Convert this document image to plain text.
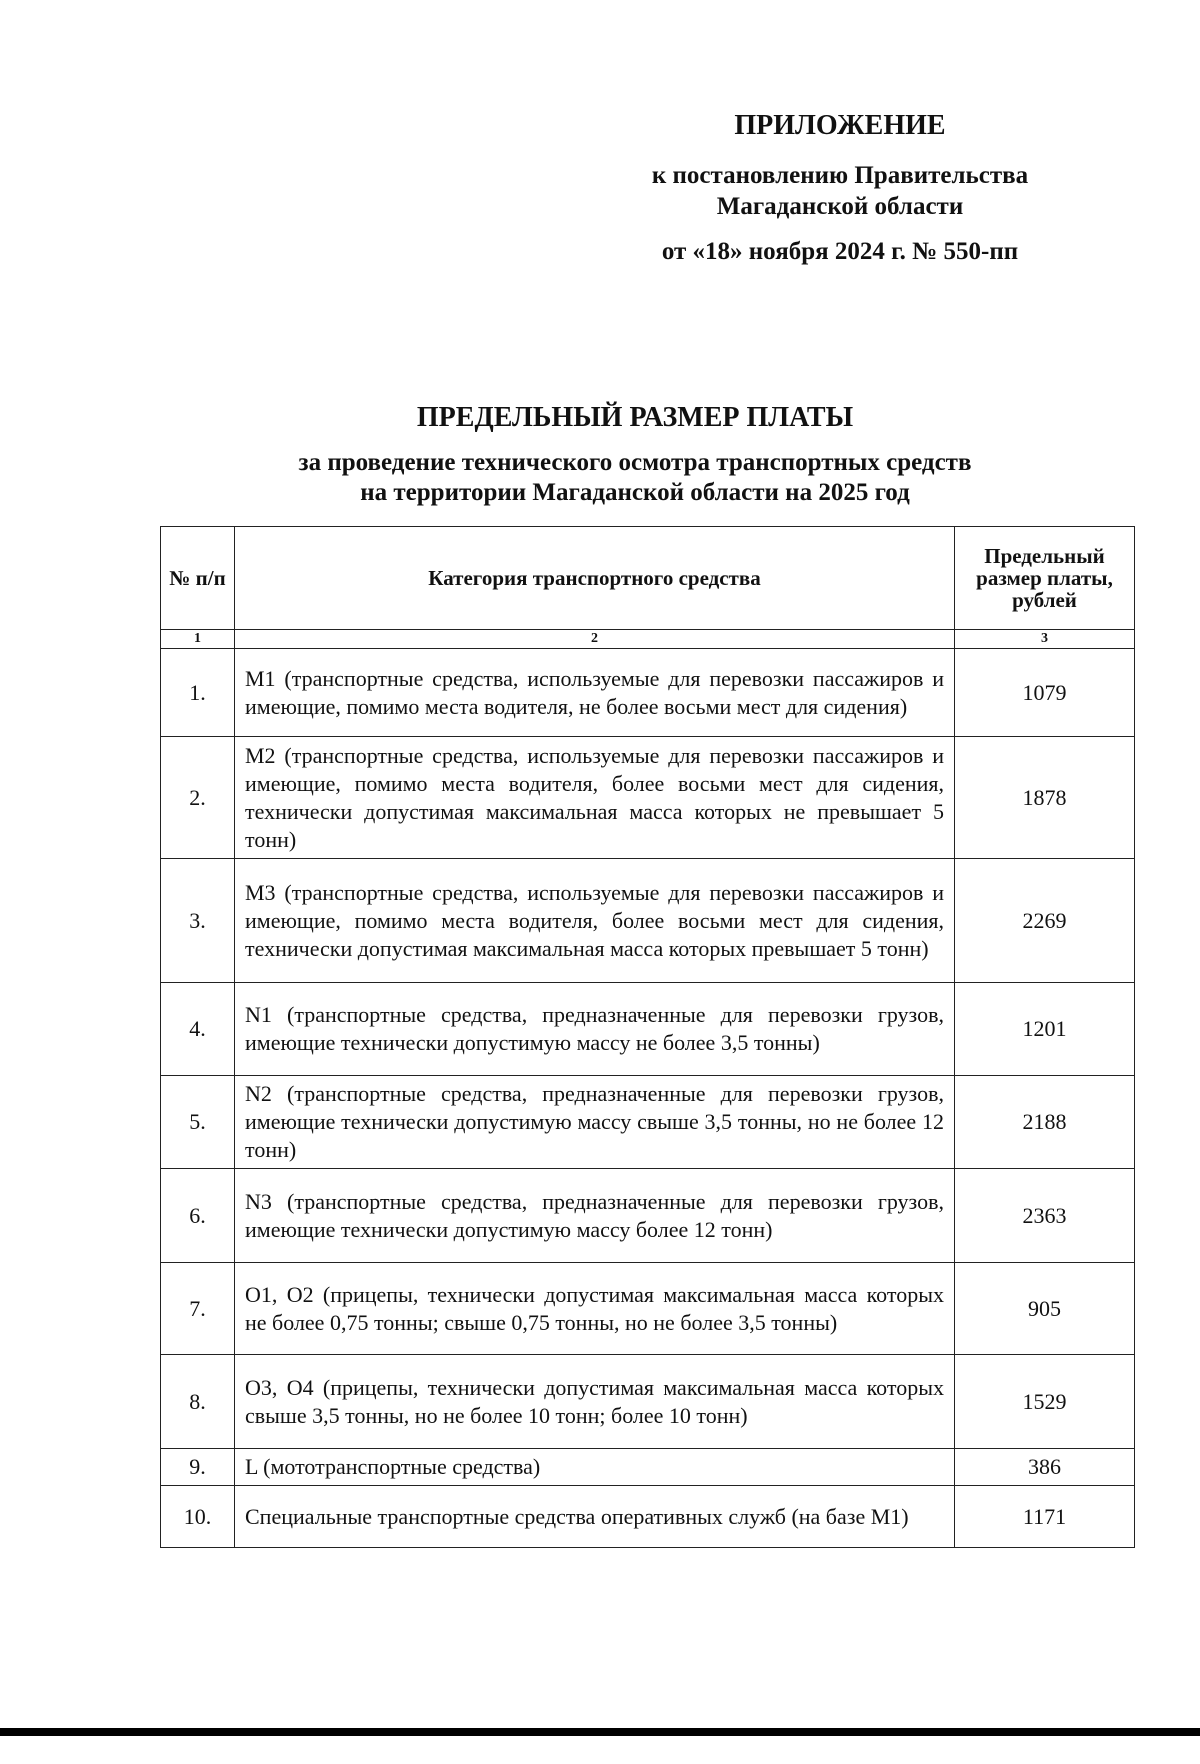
ПРИЛОЖЕНИЕ
к постановлению Правительства
Магаданской области
от «18» ноября 2024 г. № 550-пп
ПРЕДЕЛЬНЫЙ РАЗМЕР ПЛАТЫ
за проведение технического осмотра транспортных средств
на территории Магаданской области на 2025 год
№ п/п	Категория транспортного средства	Предельный размер платы, рублей
1	2	3
1.	M1 (транспортные средства, используемые для перевозки пассажиров и имеющие, помимо места водителя, не более восьми мест для сидения)	1079
2.	M2 (транспортные средства, используемые для перевозки пассажиров и имеющие, помимо места водителя, более восьми мест для сидения, технически допустимая максимальная масса которых не превышает 5 тонн)	1878
3.	M3 (транспортные средства, используемые для перевозки пассажиров и имеющие, помимо места водителя, более восьми мест для сидения, технически допустимая максимальная масса которых превышает 5 тонн)	2269
4.	N1 (транспортные средства, предназначенные для перевозки грузов, имеющие технически допустимую массу не более 3,5 тонны)	1201
5.	N2 (транспортные средства, предназначенные для перевозки грузов, имеющие технически допустимую массу свыше 3,5 тонны, но не более 12 тонн)	2188
6.	N3 (транспортные средства, предназначенные для перевозки грузов, имеющие технически допустимую массу более 12 тонн)	2363
7.	O1, O2 (прицепы, технически допустимая максимальная масса которых не более 0,75 тонны; свыше 0,75 тонны, но не более 3,5 тонны)	905
8.	O3, O4 (прицепы, технически допустимая максимальная масса которых свыше 3,5 тонны, но не более 10 тонн; более 10 тонн)	1529
9.	L (мототранспортные средства)	386
10.	Специальные транспортные средства оперативных служб (на базе M1)	1171
